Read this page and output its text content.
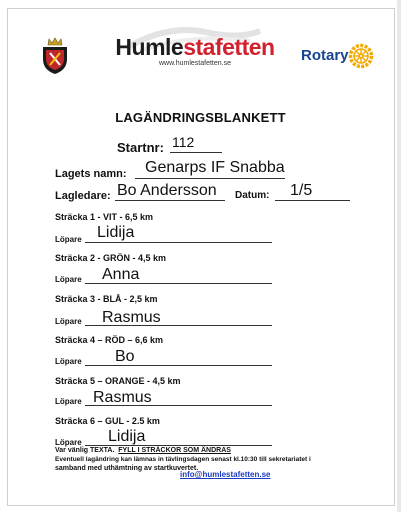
Humlestafetten
www.humlestafetten.se	Rotary
LAGÄNDRINGSBLANKETT
Startnr: 112
Lagets namn: Genarps IF Snabba
Lagledare: Bo Andersson Datum: 1/5
Sträcka 1 - VIT - 6,5 km
Löpare Lidija
Sträcka 2 - GRÖN - 4,5 km
Löpare Anna
Sträcka 3 - BLÅ - 2,5 km
Löpare Rasmus
Sträcka 4 – RÖD – 6,6 km
Löpare Bo
Sträcka 5 – ORANGE - 4,5 km
Löpare Rasmus
Sträcka 6 – GUL - 2.5 km
Löpare Lidija
Var vänlig TEXTA. FYLL I STRÄCKOR SOM ÄNDRAS
Eventuell lagändring kan lämnas in tävlingsdagen senast kl.10:30 till sekretariatet i
samband med uthämtning av startkuvertet.
info@humlestafetten.se
